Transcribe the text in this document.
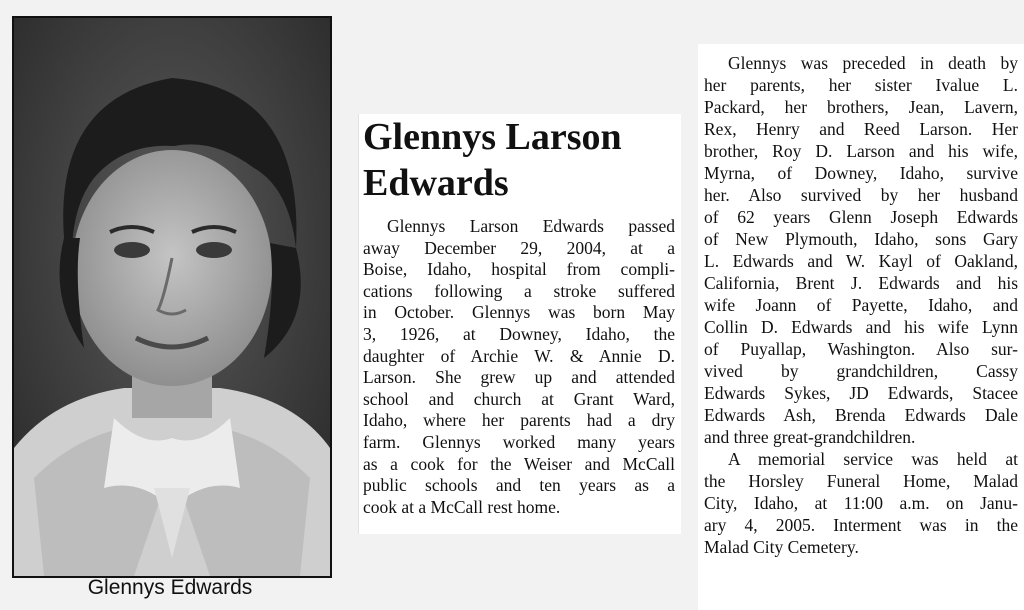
Glennys Edwards
Glennys Larson
Edwards
Glennys Larson Edwards passed
away December 29, 2004, at a
Boise, Idaho, hospital from compli-
cations following a stroke suffered
in October. Glennys was born May
3, 1926, at Downey, Idaho, the
daughter of Archie W. & Annie D.
Larson. She grew up and attended
school and church at Grant Ward,
Idaho, where her parents had a dry
farm. Glennys worked many years
as a cook for the Weiser and McCall
public schools and ten years as a
cook at a McCall rest home.
Glennys was preceded in death by
her parents, her sister Ivalue L.
Packard, her brothers, Jean, Lavern,
Rex, Henry and Reed Larson. Her
brother, Roy D. Larson and his wife,
Myrna, of Downey, Idaho, survive
her. Also survived by her husband
of 62 years Glenn Joseph Edwards
of New Plymouth, Idaho, sons Gary
L. Edwards and W. Kayl of Oakland,
California, Brent J. Edwards and his
wife Joann of Payette, Idaho, and
Collin D. Edwards and his wife Lynn
of Puyallap, Washington. Also sur-
vived by grandchildren, Cassy
Edwards Sykes, JD Edwards, Stacee
Edwards Ash, Brenda Edwards Dale
and three great-grandchildren.
A memorial service was held at
the Horsley Funeral Home, Malad
City, Idaho, at 11:00 a.m. on Janu-
ary 4, 2005. Interment was in the
Malad City Cemetery.
